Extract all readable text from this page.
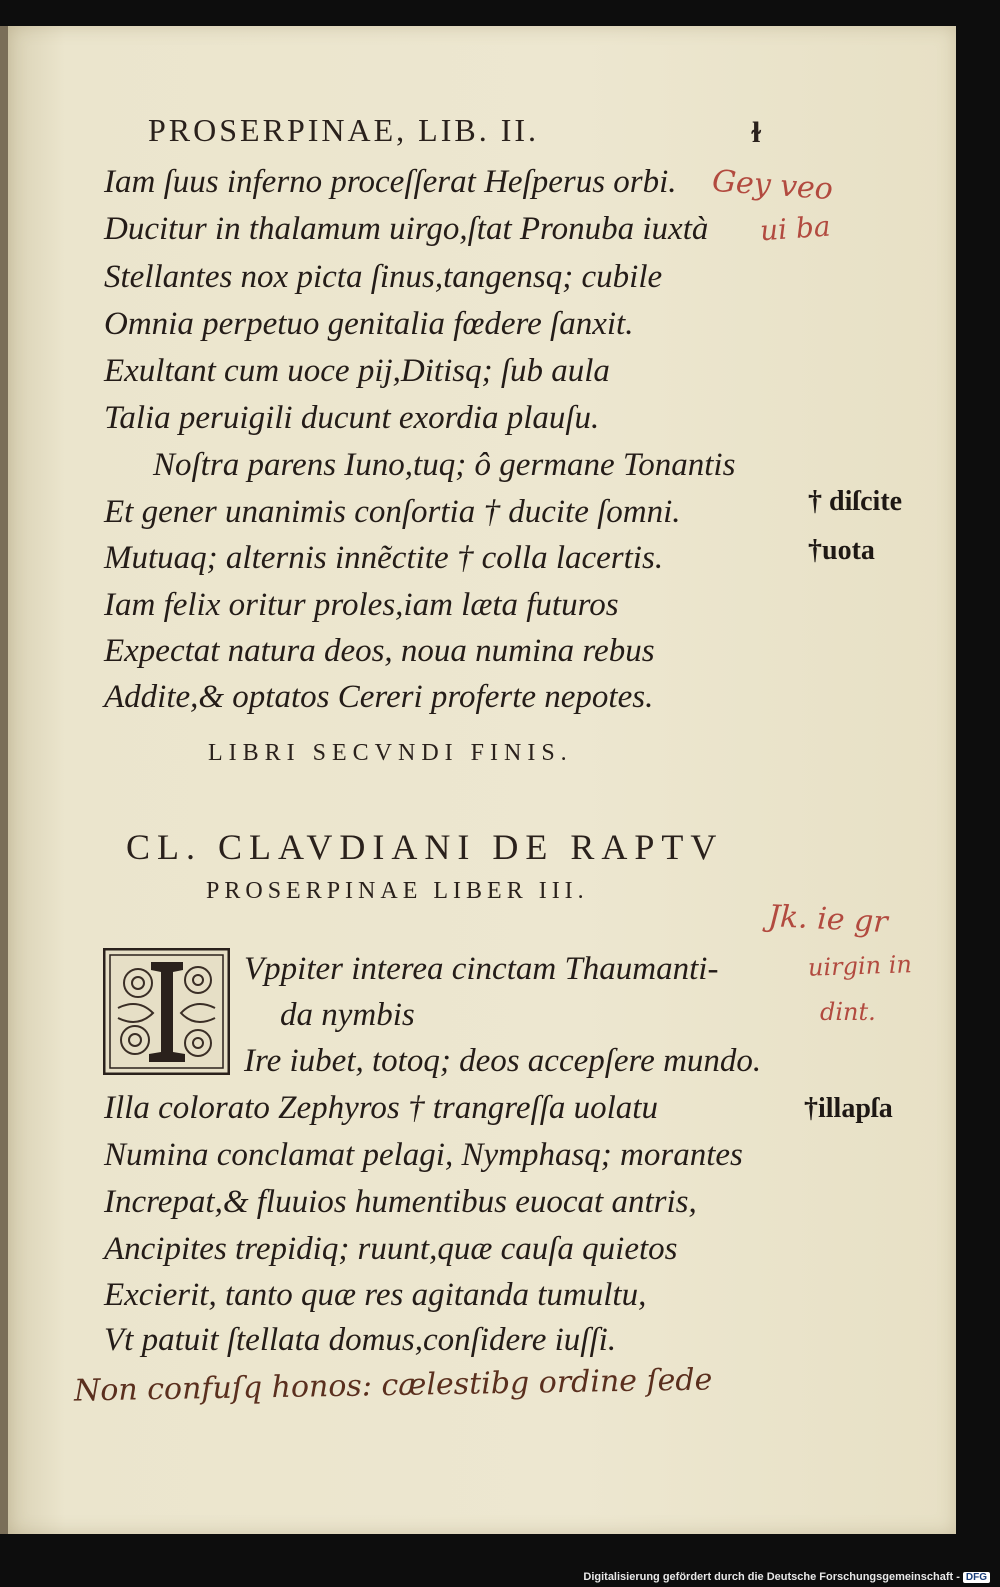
PROSERPINAE, LIB. II.	ɫ
Iam ſuus inferno proceſſerat Heſperus orbi.
Ducitur in thalamum uirgo,ſtat Pronuba iuxtà
Stellantes nox picta ſinus,tangensq; cubile
Omnia perpetuo genitalia fœdere ſanxit.
Exultant cum uoce pij,Ditisq; ſub aula
Talia peruigili ducunt exordia plauſu.
Noſtra parens Iuno,tuq; ô germane Tonantis
Et gener unanimis conſortia † ducite ſomni.
Mutuaq; alternis innẽctite † colla lacertis.
Iam felix oritur proles,iam læta futuros
Expectat natura deos, noua numina rebus
Addite,& optatos Cereri proferte nepotes.
† diſcite
†uota
LIBRI SECVNDI FINIS.
CL. CLAVDIANI DE RAPTV
PROSERPINAE LIBER III.
Vppiter interea cinctam Thaumanti-
da nymbis
Ire iubet, totoq; deos acceрſere mundo.
Illa colorato Zephyros † trangreſſa uolatu
Numina conclamat pelagi, Nymphasq; morantes
Increpat,& fluuios humentibus euocat antris,
Ancipites trepidiq; ruunt,quæ cauſa quietos
Excierit, tanto quæ res agitanda tumultu,
Vt patuit ſtellata domus,conſidere iuſſi.
†illapſa
Gey veo
ui ba
Jk. ie gr
uirgin in
dint.
Non confuſq honos: cælestibg ordine ſede
Digitalisierung gefördert durch die Deutsche Forschungsgemeinschaft - DFG
